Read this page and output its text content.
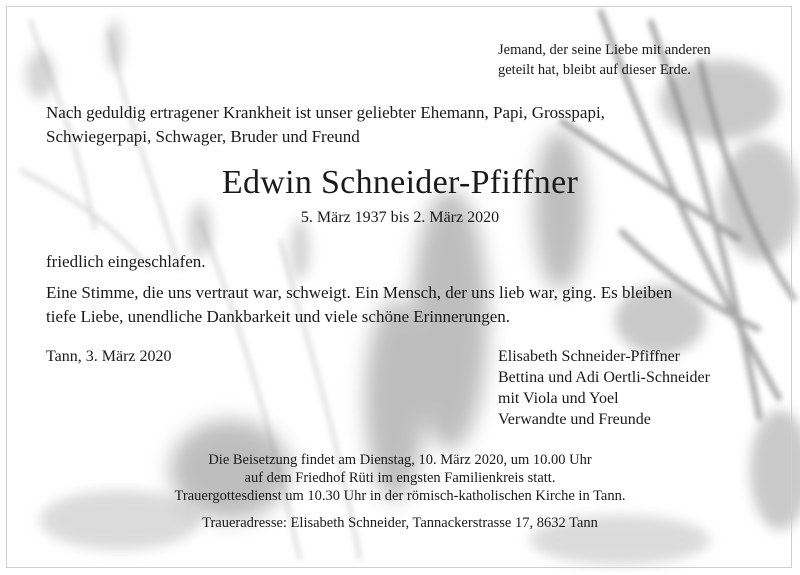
Jemand, der seine Liebe mit anderen
geteilt hat, bleibt auf dieser Erde.
Nach geduldig ertragener Krankheit ist unser geliebter Ehemann, Papi, Grosspapi,
Schwiegerpapi, Schwager, Bruder und Freund
Edwin Schneider-Pfiffner
5. März 1937 bis 2. März 2020
friedlich eingeschlafen.
Eine Stimme, die uns vertraut war, schweigt. Ein Mensch, der uns lieb war, ging. Es bleiben
tiefe Liebe, unendliche Dankbarkeit und viele schöne Erinnerungen.
Tann, 3. März 2020	Elisabeth Schneider-Pfiffner
Bettina und Adi Oertli-Schneider
mit Viola und Yoel
Verwandte und Freunde
Die Beisetzung findet am Dienstag, 10. März 2020, um 10.00 Uhr
auf dem Friedhof Rüti im engsten Familienkreis statt.
Trauergottesdienst um 10.30 Uhr in der römisch-katholischen Kirche in Tann.
Traueradresse: Elisabeth Schneider, Tannackerstrasse 17, 8632 Tann
